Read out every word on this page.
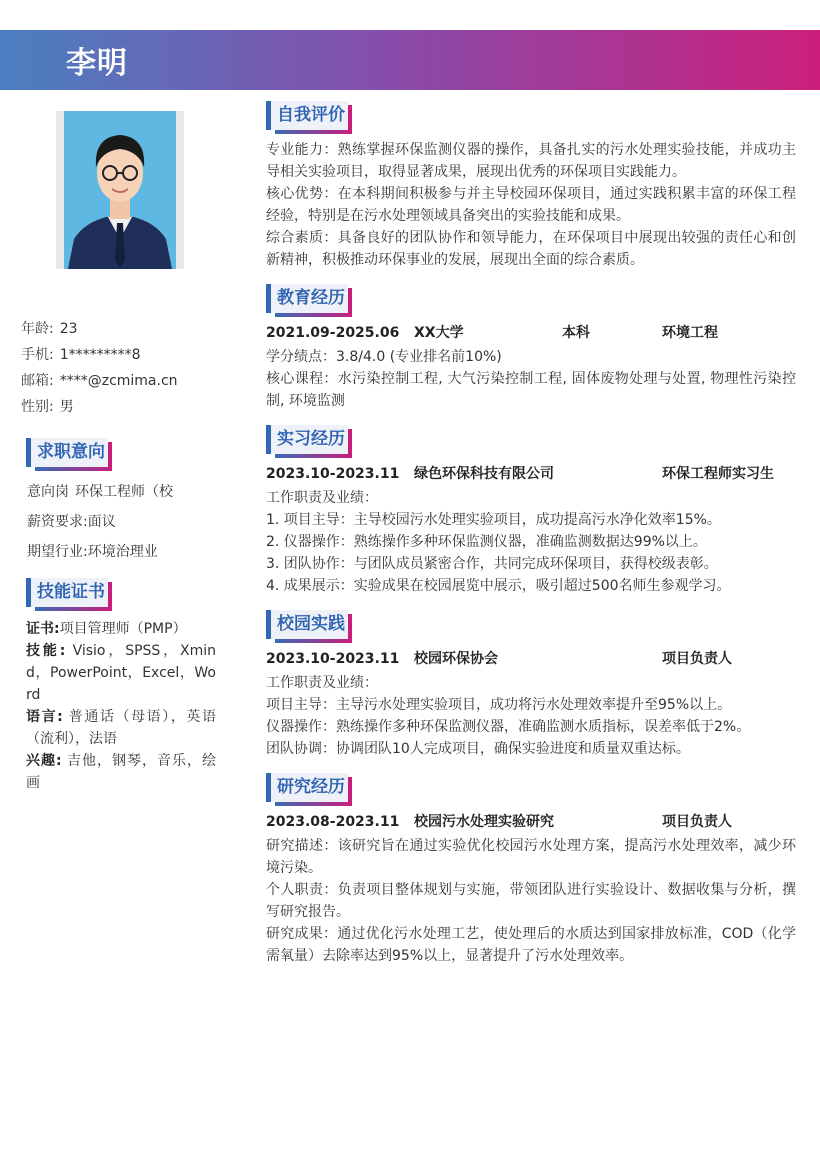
李明
年龄: 23
手机: 1*********8
邮箱: ****@zcmima.cn
性别: 男
求职意向
意向岗 环保工程师（校
薪资要求:面议
期望行业:环境治理业
技能证书

证书:项目管理师（PMP）

技能: Visio，SPSS，Xmind，PowerPoint，Excel，Word

语言: 普通话（母语），英语（流利），法语

兴趣: 吉他，钢琴，音乐，绘画

自我评价

专业能力：熟练掌握环保监测仪器的操作，具备扎实的污水处理实验技能，并成功主导相关实验项目，取得显著成果，展现出优秀的环保项目实践能力。

核心优势：在本科期间积极参与并主导校园环保项目，通过实践积累丰富的环保工程经验，特别是在污水处理领域具备突出的实验技能和成果。

综合素质：具备良好的团队协作和领导能力，在环保项目中展现出较强的责任心和创新精神，积极推动环保事业的发展，展现出全面的综合素质。

教育经历
2021.09-2025.06 XX大学	本科	环境工程

学分绩点：3.8/4.0 (专业排名前10%)

核心课程：水污染控制工程, 大气污染控制工程, 固体废物处理与处置, 物理性污染控制, 环境监测

实习经历
2023.10-2023.11 绿色环保科技有限公司	环保工程师实习生

工作职责及业绩：

1. 项目主导：主导校园污水处理实验项目，成功提高污水净化效率15%。

2. 仪器操作：熟练操作多种环保监测仪器，准确监测数据达99%以上。

3. 团队协作：与团队成员紧密合作，共同完成环保项目，获得校级表彰。

4. 成果展示：实验成果在校园展览中展示，吸引超过500名师生参观学习。

校园实践
2023.10-2023.11 校园环保协会	项目负责人

工作职责及业绩：

项目主导：主导污水处理实验项目，成功将污水处理效率提升至95%以上。

仪器操作：熟练操作多种环保监测仪器，准确监测水质指标，误差率低于2%。

团队协调：协调团队10人完成项目，确保实验进度和质量双重达标。

研究经历
2023.08-2023.11 校园污水处理实验研究	项目负责人

研究描述：该研究旨在通过实验优化校园污水处理方案，提高污水处理效率，减少环境污染。

个人职责：负责项目整体规划与实施，带领团队进行实验设计、数据收集与分析，撰写研究报告。

研究成果：通过优化污水处理工艺，使处理后的水质达到国家排放标准，COD（化学需氧量）去除率达到95%以上，显著提升了污水处理效率。
